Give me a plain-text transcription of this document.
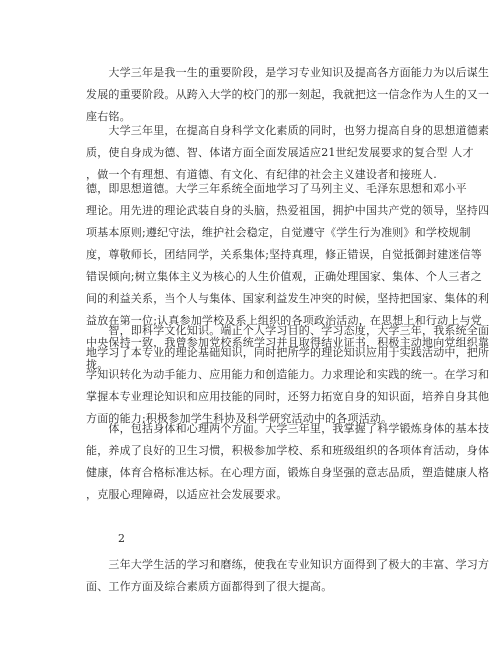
　　大学三年是我一生的重要阶段，是学习专业知识及提高各方面能力为以后谋生
发展的重要阶段。从跨入大学的校门的那一刻起，我就把这一信念作为人生的又一
座右铭。
　　大学三年里，在提高自身科学文化素质的同时，也努力提高自身的思想道德素
质，使自身成为德、智、体诸方面全面发展适应21世纪发展要求的复合型 人才
，做一个有理想、有道德、有文化、有纪律的社会主义建设者和接班人.
德，即思想道德。大学三年系统全面地学习了马列主义、毛泽东思想和邓小平
理论。用先进的理论武装自身的头脑，热爱祖国，拥护中国共产党的领导，坚持四
项基本原则;遵纪守法，维护社会稳定，自觉遵守《学生行为准则》和学校规制
度，尊敬师长，团结同学，关系集体;坚持真理，修正错误，自觉抵御封建迷信等
错误倾向;树立集体主义为核心的人生价值观，正确处理国家、集体、个人三者之
间的利益关系，当个人与集体、国家利益发生冲突的时候，坚持把国家、集体的利
益放在第一位;认真参加学校及系上组织的各项政治活动，在思想上和行动上与党
中央保持一致，我曾参加党校系统学习并且取得结业证书，积极主动地向党组织靠
拢。
　　智，即科学文化知识。端正个人学习目的、学习态度，大学三年，我系统全面
地学习了本专业的理论基础知识，同时把所学的理论知识应用于实践活动中，把所
学知识转化为动手能力、应用能力和创造能力。力求理论和实践的统一。在学习和
掌握本专业理论知识和应用技能的同时，还努力拓宽自身的知识面，培养自身其他
方面的能力;积极参加学生科协及科学研究活动中的各项活动。
　　体，包括身体和心理两个方面。大学三年里，我掌握了科学锻炼身体的基本技
能，养成了良好的卫生习惯，积极参加学校、系和班级组织的各项体育活动，身体
健康，体育合格标准达标。在心理方面，锻炼自身坚强的意志品质，塑造健康人格
，克服心理障碍，以适应社会发展要求。

2

　　三年大学生活的学习和磨练，使我在专业知识方面得到了极大的丰富、学习方
面、工作方面及综合素质方面都得到了很大提高。
